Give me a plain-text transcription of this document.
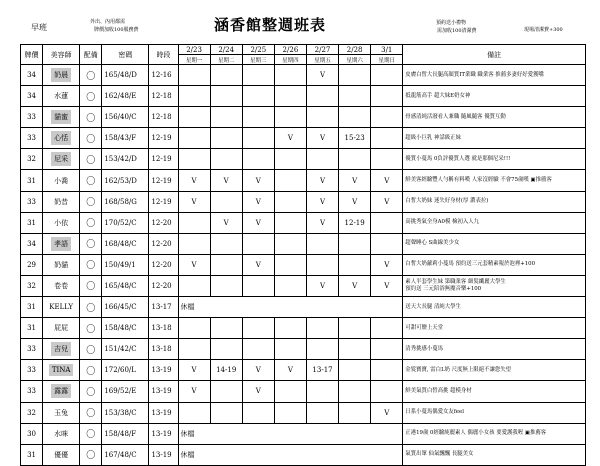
早班
外出、內用都需
牌價加收100服務費	涵香館整週班表	預約送小禮物
需加收100清潔費	現場清潔費+300
牌價	美容師	配備	密碼	時段	2/23	2/24	2/25	2/26	2/27	2/28	3/1	備註
					星期一	星期二	星期三	星期四	星期五	星期六	星期日	
34	奶晨	〇	165/48/D	12-16					V			皮膚白皙大長腿高顏質IT業職 職業客 推薦多妻好好愛獲嘴

34	水蓮	〇	162/48/E	12-18								抵龍筋高手 超大妹E奶女神

33	貓蜜	〇	156/40/C	12-18								骨感清純活潑看人兼職 隨風隨客 優質互動

33	心恬	〇	158/43/F	12-19				V	V	15-23		超級小巨乳 神話級正妹

32	尼采	〇	153/42/D	12-19								優質小蔓馬 0負評優質人選 就是那個尼采!!!

31	小喬	〇	162/53/D	12-19	V	V	V		V	V	V	鮮美客經驗豐人勻稱有料嘆 人家沒經驗 不會75歲嘆 ▣推薦客

33	奶昔	〇	168/58/G	12-19	V		V		V	V	V	白皙大奶妹 迷失好身材(厚 濃表拉)

31	小依	〇	170/52/C	12-20		V	V		V	12-19		高挑秀氣全身A0模 檢初入人九

34	孝語	〇	168/48/C	12-20								超聲睡心 S曲線美少女

29	奶貓	〇	150/49/1	12-20	V		V				V	白皙大奶蘿莉小蔓馬 預約送三元套精素報於泡裡+100

32	卷卷	〇	165/48/C	12-20					V	V	V	素人半套學生妹 第職業客 細髮纖麗大學生
預約送 三元陪浴無魔音樂+100

31	KELLY	〇	166/45/C	13-17	休檔							送天大長腿 清純大學生

31	屁屁	〇	158/48/C	13-18								可甜可鹽上天堂

33	吉兒	〇	151/42/C	13-18								清秀挑感小蔓馬

33	TINA	〇	172/60/L	13-19	V	14-19	V	V	13-17			金髮寶寶, 雷白L奶 尺度無上限絕不讓您失望

33	露露	〇	169/52/E	13-19	V		V					鮮美氣質白皙高挑 超模身材

32	玉兔	〇	153/38/C	13-19							V	日系小蔓馬偶愛女友feel

30	水咪	〇	158/48/F	13-19	休檔							正港19歲 0經驗純麗素人 偶麗小女孩 要愛護我喔 ▣推薦客

31	優優	〇	167/48/C	13-19	休檔							氣質出眾 仙氣飄飄 長腿美女
